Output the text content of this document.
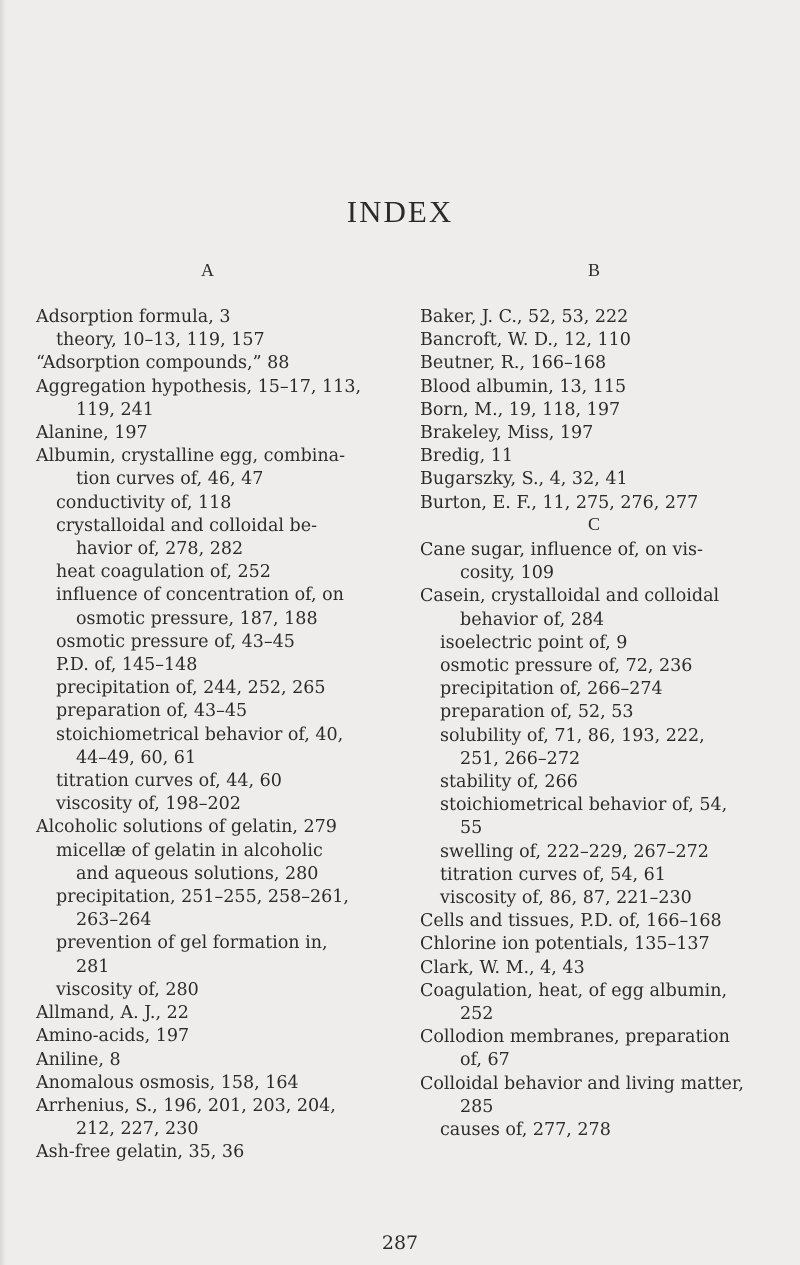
INDEX
A
Adsorption formula, 3
theory, 10–13, 119, 157
“Adsorption compounds,” 88
Aggregation hypothesis, 15–17, 113,
119, 241
Alanine, 197
Albumin, crystalline egg, combina-
tion curves of, 46, 47
conductivity of, 118
crystalloidal and colloidal be-
havior of, 278, 282
heat coagulation of, 252
influence of concentration of, on
osmotic pressure, 187, 188
osmotic pressure of, 43–45
P.D. of, 145–148
precipitation of, 244, 252, 265
preparation of, 43–45
stoichiometrical behavior of, 40,
44–49, 60, 61
titration curves of, 44, 60
viscosity of, 198–202
Alcoholic solutions of gelatin, 279
micellæ of gelatin in alcoholic
and aqueous solutions, 280
precipitation, 251–255, 258–261,
263–264
prevention of gel formation in,
281
viscosity of, 280
Allmand, A. J., 22
Amino-acids, 197
Aniline, 8
Anomalous osmosis, 158, 164
Arrhenius, S., 196, 201, 203, 204,
212, 227, 230
Ash-free gelatin, 35, 36
B
Baker, J. C., 52, 53, 222
Bancroft, W. D., 12, 110
Beutner, R., 166–168
Blood albumin, 13, 115
Born, M., 19, 118, 197
Brakeley, Miss, 197
Bredig, 11
Bugarszky, S., 4, 32, 41
Burton, E. F., 11, 275, 276, 277
C
Cane sugar, influence of, on vis-
cosity, 109
Casein, crystalloidal and colloidal
behavior of, 284
isoelectric point of, 9
osmotic pressure of, 72, 236
precipitation of, 266–274
preparation of, 52, 53
solubility of, 71, 86, 193, 222,
251, 266–272
stability of, 266
stoichiometrical behavior of, 54,
55
swelling of, 222–229, 267–272
titration curves of, 54, 61
viscosity of, 86, 87, 221–230
Cells and tissues, P.D. of, 166–168
Chlorine ion potentials, 135–137
Clark, W. M., 4, 43
Coagulation, heat, of egg albumin,
252
Collodion membranes, preparation
of, 67
Colloidal behavior and living matter,
285
causes of, 277, 278
287
